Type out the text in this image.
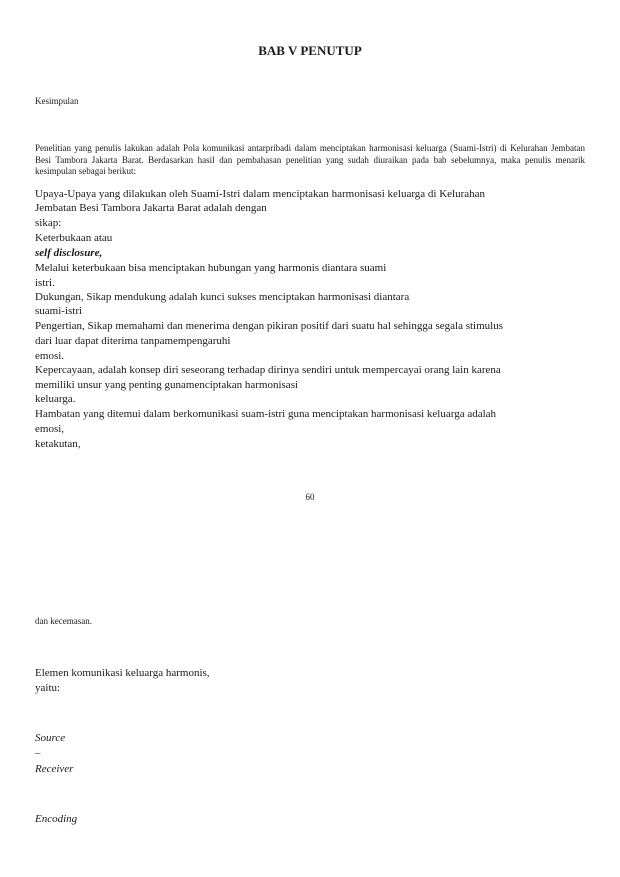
BAB V PENUTUP
Kesimpulan
Penelitian yang penulis lakukan adalah Pola komunikasi antarpribadi dalam menciptakan harmonisasi keluarga (Suami-Istri) di Kelurahan Jembatan Besi Tambora Jakarta Barat. Berdasarkan hasil dan pembahasan penelitian yang sudah diuraikan pada bab sebelumnya, maka penulis menarik kesimpulan sebagai berikut:
Upaya-Upaya yang dilakukan oleh Suami-Istri dalam menciptakan harmonisasi keluarga di Kelurahan
Jembatan Besi Tambora Jakarta Barat adalah dengan
sikap:
Keterbukaan atau
self disclosure,
Melalui keterbukaan bisa menciptakan hubungan yang harmonis diantara suami
istri.
Dukungan, Sikap mendukung adalah kunci sukses menciptakan harmonisasi diantara
suami-istri
Pengertian, Sikap memahami dan menerima dengan pikiran positif dari suatu hal sehingga segala stimulus
dari luar dapat diterima tanpamempengaruhi
emosi.
Kepercayaan, adalah konsep diri seseorang terhadap dirinya sendiri untuk mempercayai orang lain karena
memiliki unsur yang penting gunamenciptakan harmonisasi
keluarga.
Hambatan yang ditemui dalam berkomunikasi suam-istri guna menciptakan harmonisasi keluarga adalah
emosi,
ketakutan,
60
dan kecemasan.
Elemen komunikasi keluarga harmonis,
yaitu:
Source
–
Receiver
Encoding
